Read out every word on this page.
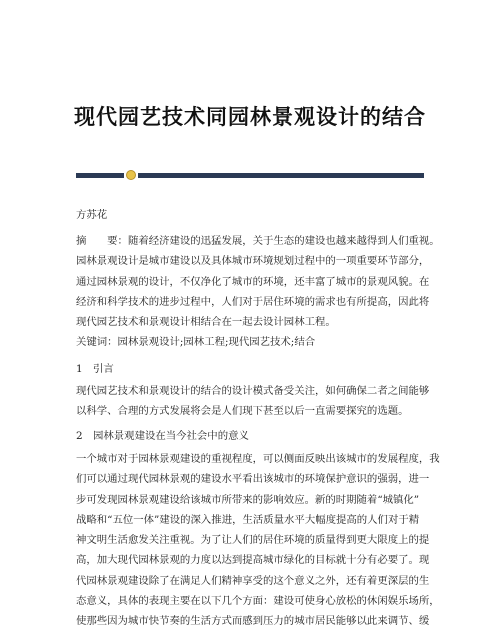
现代园艺技术同园林景观设计的结合
方苏花
摘　　要：随着经济建设的迅猛发展，关于生态的建设也越来越得到人们重视。
园林景观设计是城市建设以及具体城市环境规划过程中的一项重要环节部分，
通过园林景观的设计，不仅净化了城市的环境，还丰富了城市的景观风貌。在
经济和科学技术的进步过程中，人们对于居住环境的需求也有所提高，因此将
现代园艺技术和景观设计相结合在一起去设计园林工程。
关键词：园林景观设计;园林工程;现代园艺技术;结合
1　引言
现代园艺技术和景观设计的结合的设计模式备受关注，如何确保二者之间能够
以科学、合理的方式发展将会是人们现下甚至以后一直需要探究的选题。
2　园林景观建设在当今社会中的意义
一个城市对于园林景观建设的重视程度，可以侧面反映出该城市的发展程度，我
们可以通过现代园林景观的建设水平看出该城市的环境保护意识的强弱，进一
步可发现园林景观建设给该城市所带来的影响效应。新的时期随着“城镇化”
战略和“五位一体”建设的深入推进，生活质量水平大幅度提高的人们对于精
神文明生活愈发关注重视。为了让人们的居住环境的质量得到更大限度上的提
高，加大现代园林景观的力度以达到提高城市绿化的目标就十分有必要了。现
代园林景观建设除了在满足人们精神享受的这个意义之外，还有着更深层的生
态意义，具体的表现主要在以下几个方面：建设可使身心放松的休闲娱乐场所，
使那些因为城市快节奏的生活方式而感到压力的城市居民能够以此来调节、缓
